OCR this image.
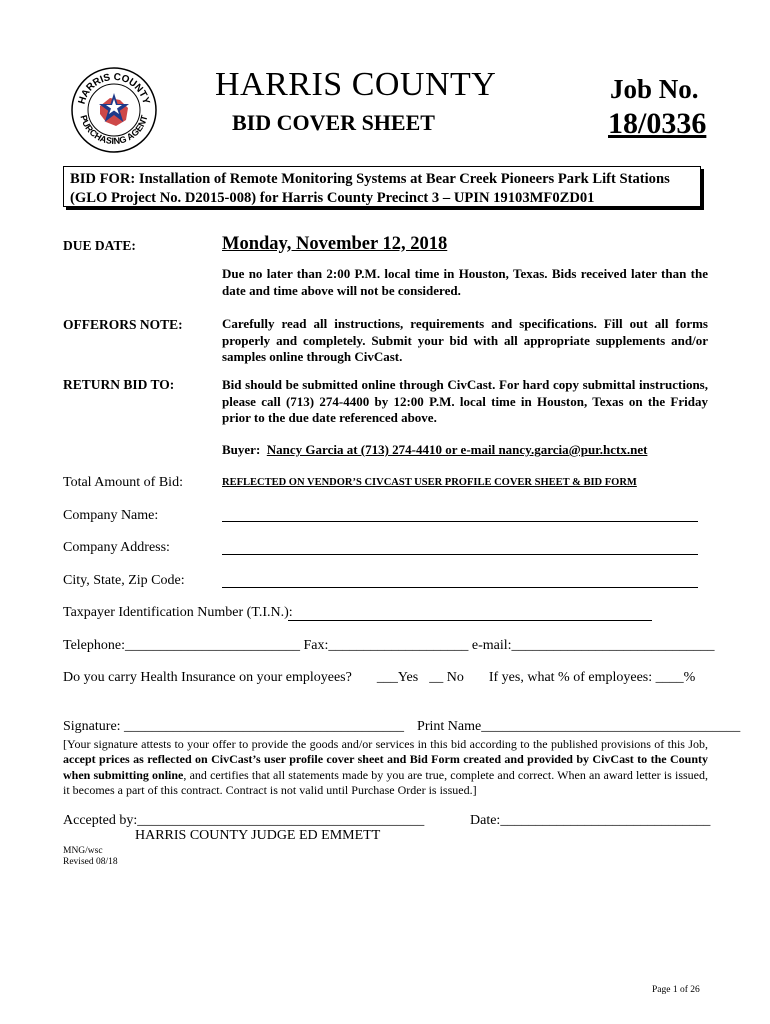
HARRIS COUNTY
PURCHASING AGENT
HARRIS COUNTY
BID COVER SHEET
Job No.
18/0336
BID FOR: Installation of Remote Monitoring Systems at Bear Creek Pioneers Park Lift Stations
(GLO Project No. D2015-008) for Harris County Precinct 3 – UPIN 19103MF0ZD01
DUE DATE:	Monday, November 12, 2018
Due no later than 2:00 P.M. local time in Houston, Texas. Bids received later than the date and time above will not be considered.
OFFERORS NOTE:	Carefully read all instructions, requirements and specifications. Fill out all forms properly and completely. Submit your bid with all appropriate supplements and/or samples online through CivCast.
RETURN BID TO:	Bid should be submitted online through CivCast. For hard copy submittal instructions, please call (713) 274-4400 by 12:00 P.M. local time in Houston, Texas on the Friday prior to the due date referenced above.
Buyer: Nancy Garcia at (713) 274-4410 or e-mail nancy.garcia@pur.hctx.net
Total Amount of Bid:	REFLECTED ON VENDOR’S CIVCAST USER PROFILE COVER SHEET & BID FORM
Company Name:
Company Address:
City, State, Zip Code:
Taxpayer Identification Number (T.I.N.):
Telephone:_________________________ Fax:____________________ e-mail:_____________________________
Do you carry Health Insurance on your employees? ___Yes __ No If yes, what % of employees: ____%
Signature: ________________________________________ Print Name_____________________________________
[Your signature attests to your offer to provide the goods and/or services in this bid according to the published provisions of this Job, accept prices as reflected on CivCast’s user profile cover sheet and Bid Form created and provided by CivCast to the County when submitting online, and certifies that all statements made by you are true, complete and correct. When an award letter is issued, it becomes a part of this contract. Contract is not valid until Purchase Order is issued.]
Accepted by:_________________________________________	Date:______________________________
HARRIS COUNTY JUDGE ED EMMETT
MNG/wsc
Revised 08/18
Page 1 of 26
